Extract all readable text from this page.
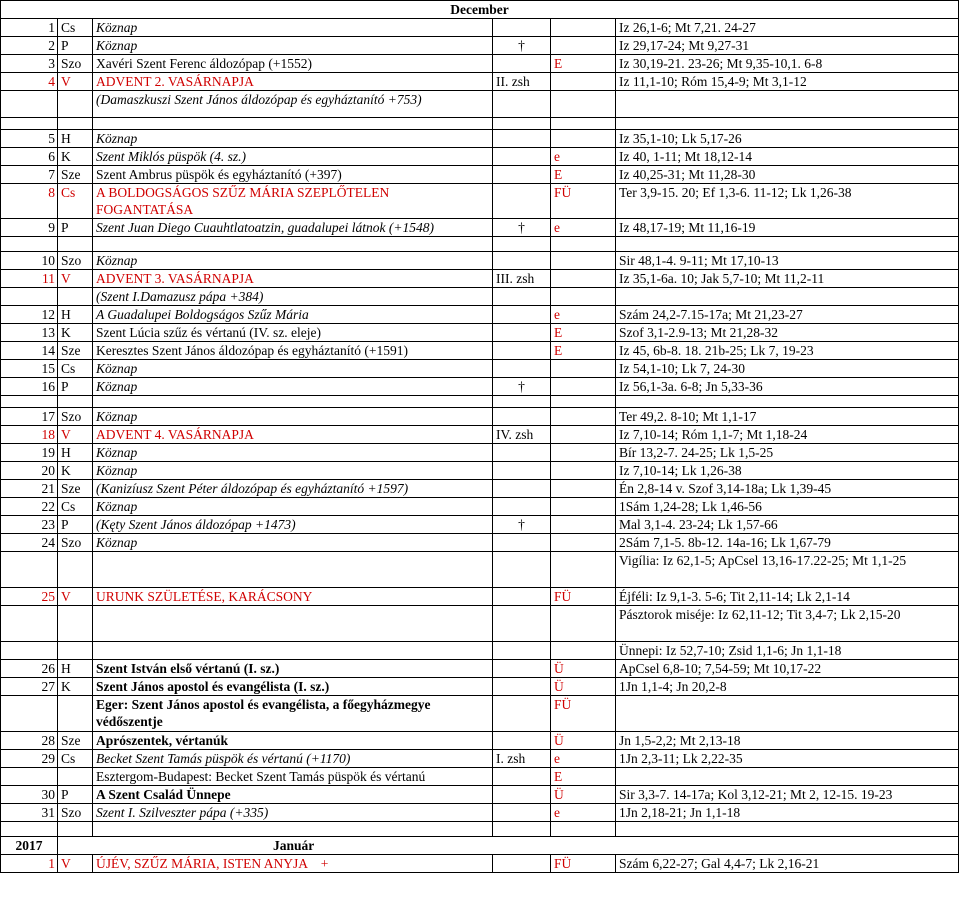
December					
1	Cs	Köznap			Iz 26,1-6; Mt 7,21. 24-27
2	P	Köznap	†		Iz 29,17-24; Mt 9,27-31
3	Szo	Xavéri Szent Ferenc áldozópap (+1552)		E	Iz 30,19-21. 23-26; Mt 9,35-10,1. 6-8
4	V	ADVENT 2. VASÁRNAPJA	II. zsh		Iz 11,1-10; Róm 15,4-9; Mt 3,1-12
		(Damaszkuszi Szent János áldozópap és egyháztanító +753)			

5	H	Köznap			Iz 35,1-10; Lk 5,17-26
6	K	Szent Miklós püspök (4. sz.)		e	Iz 40, 1-11; Mt 18,12-14
7	Sze	Szent Ambrus püspök és egyháztanító (+397)		E	Iz 40,25-31; Mt 11,28-30
8	Cs	A BOLDOGSÁGOS SZŰZ MÁRIA SZEPLŐTELEN FOGANTATÁSA		FÜ	Ter 3,9-15. 20; Ef 1,3-6. 11-12; Lk 1,26-38
9	P	Szent Juan Diego Cuauhtlatoatzin, guadalupei látnok (+1548)	†	e	Iz 48,17-19; Mt 11,16-19

10	Szo	Köznap			Sir 48,1-4. 9-11; Mt 17,10-13
11	V	ADVENT 3. VASÁRNAPJA	III. zsh		Iz 35,1-6a. 10; Jak 5,7-10; Mt 11,2-11
		(Szent I.Damazusz pápa +384)			
12	H	A Guadalupei Boldogságos Szűz Mária		e	Szám 24,2-7.15-17a; Mt 21,23-27
13	K	Szent Lúcia szűz és vértanú (IV. sz. eleje)		E	Szof 3,1-2.9-13; Mt 21,28-32
14	Sze	Keresztes Szent János áldozópap és egyháztanító (+1591)		E	Iz 45, 6b-8. 18. 21b-25; Lk 7, 19-23
15	Cs	Köznap			Iz 54,1-10; Lk 7, 24-30
16	P	Köznap	†		Iz 56,1-3a. 6-8; Jn 5,33-36

17	Szo	Köznap			Ter 49,2. 8-10; Mt 1,1-17
18	V	ADVENT 4. VASÁRNAPJA	IV. zsh		Iz 7,10-14; Róm 1,1-7; Mt 1,18-24
19	H	Köznap			Bír 13,2-7. 24-25; Lk 1,5-25
20	K	Köznap			Iz 7,10-14; Lk 1,26-38
21	Sze	(Kanizíusz Szent Péter áldozópap és egyháztanító +1597)			Én 2,8-14 v. Szof 3,14-18a; Lk 1,39-45
22	Cs	Köznap			1Sám 1,24-28; Lk 1,46-56
23	P	(Kęty Szent János áldozópap +1473)	†		Mal 3,1-4. 23-24; Lk 1,57-66
24	Szo	Köznap			2Sám 7,1-5. 8b-12. 14a-16; Lk 1,67-79
					Vigília: Iz 62,1-5; ApCsel 13,16-17.22-25; Mt 1,1-25
25	V	URUNK SZÜLETÉSE, KARÁCSONY		FÜ	Éjféli: Iz 9,1-3. 5-6; Tit 2,11-14; Lk 2,1-14
					Pásztorok miséje: Iz 62,11-12; Tit 3,4-7; Lk 2,15-20
					Ünnepi: Iz 52,7-10; Zsid 1,1-6; Jn 1,1-18
26	H	Szent István első vértanú (I. sz.)		Ü	ApCsel 6,8-10; 7,54-59; Mt 10,17-22
27	K	Szent János apostol és evangélista (I. sz.)		Ü	1Jn 1,1-4; Jn 20,2-8
		Eger: Szent János apostol és evangélista, a főegyházmegye védőszentje		FÜ	
28	Sze	Aprószentek, vértanúk		Ü	Jn 1,5-2,2; Mt 2,13-18
29	Cs	Becket Szent Tamás püspök és vértanú (+1170)	I. zsh	e	1Jn 2,3-11; Lk 2,22-35
		Esztergom-Budapest: Becket Szent Tamás püspök és vértanú		E	
30	P	A Szent Család Ünnepe		Ü	Sir 3,3-7. 14-17a; Kol 3,12-21; Mt 2, 12-15. 19-23
31	Szo	Szent I. Szilveszter pápa (+335)		e	1Jn 2,18-21; Jn 1,1-18

2017	Január				
1	V	ÚJÉV, SZŰZ MÁRIA, ISTEN ANYJA    +		FÜ	Szám 6,22-27; Gal 4,4-7; Lk 2,16-21
